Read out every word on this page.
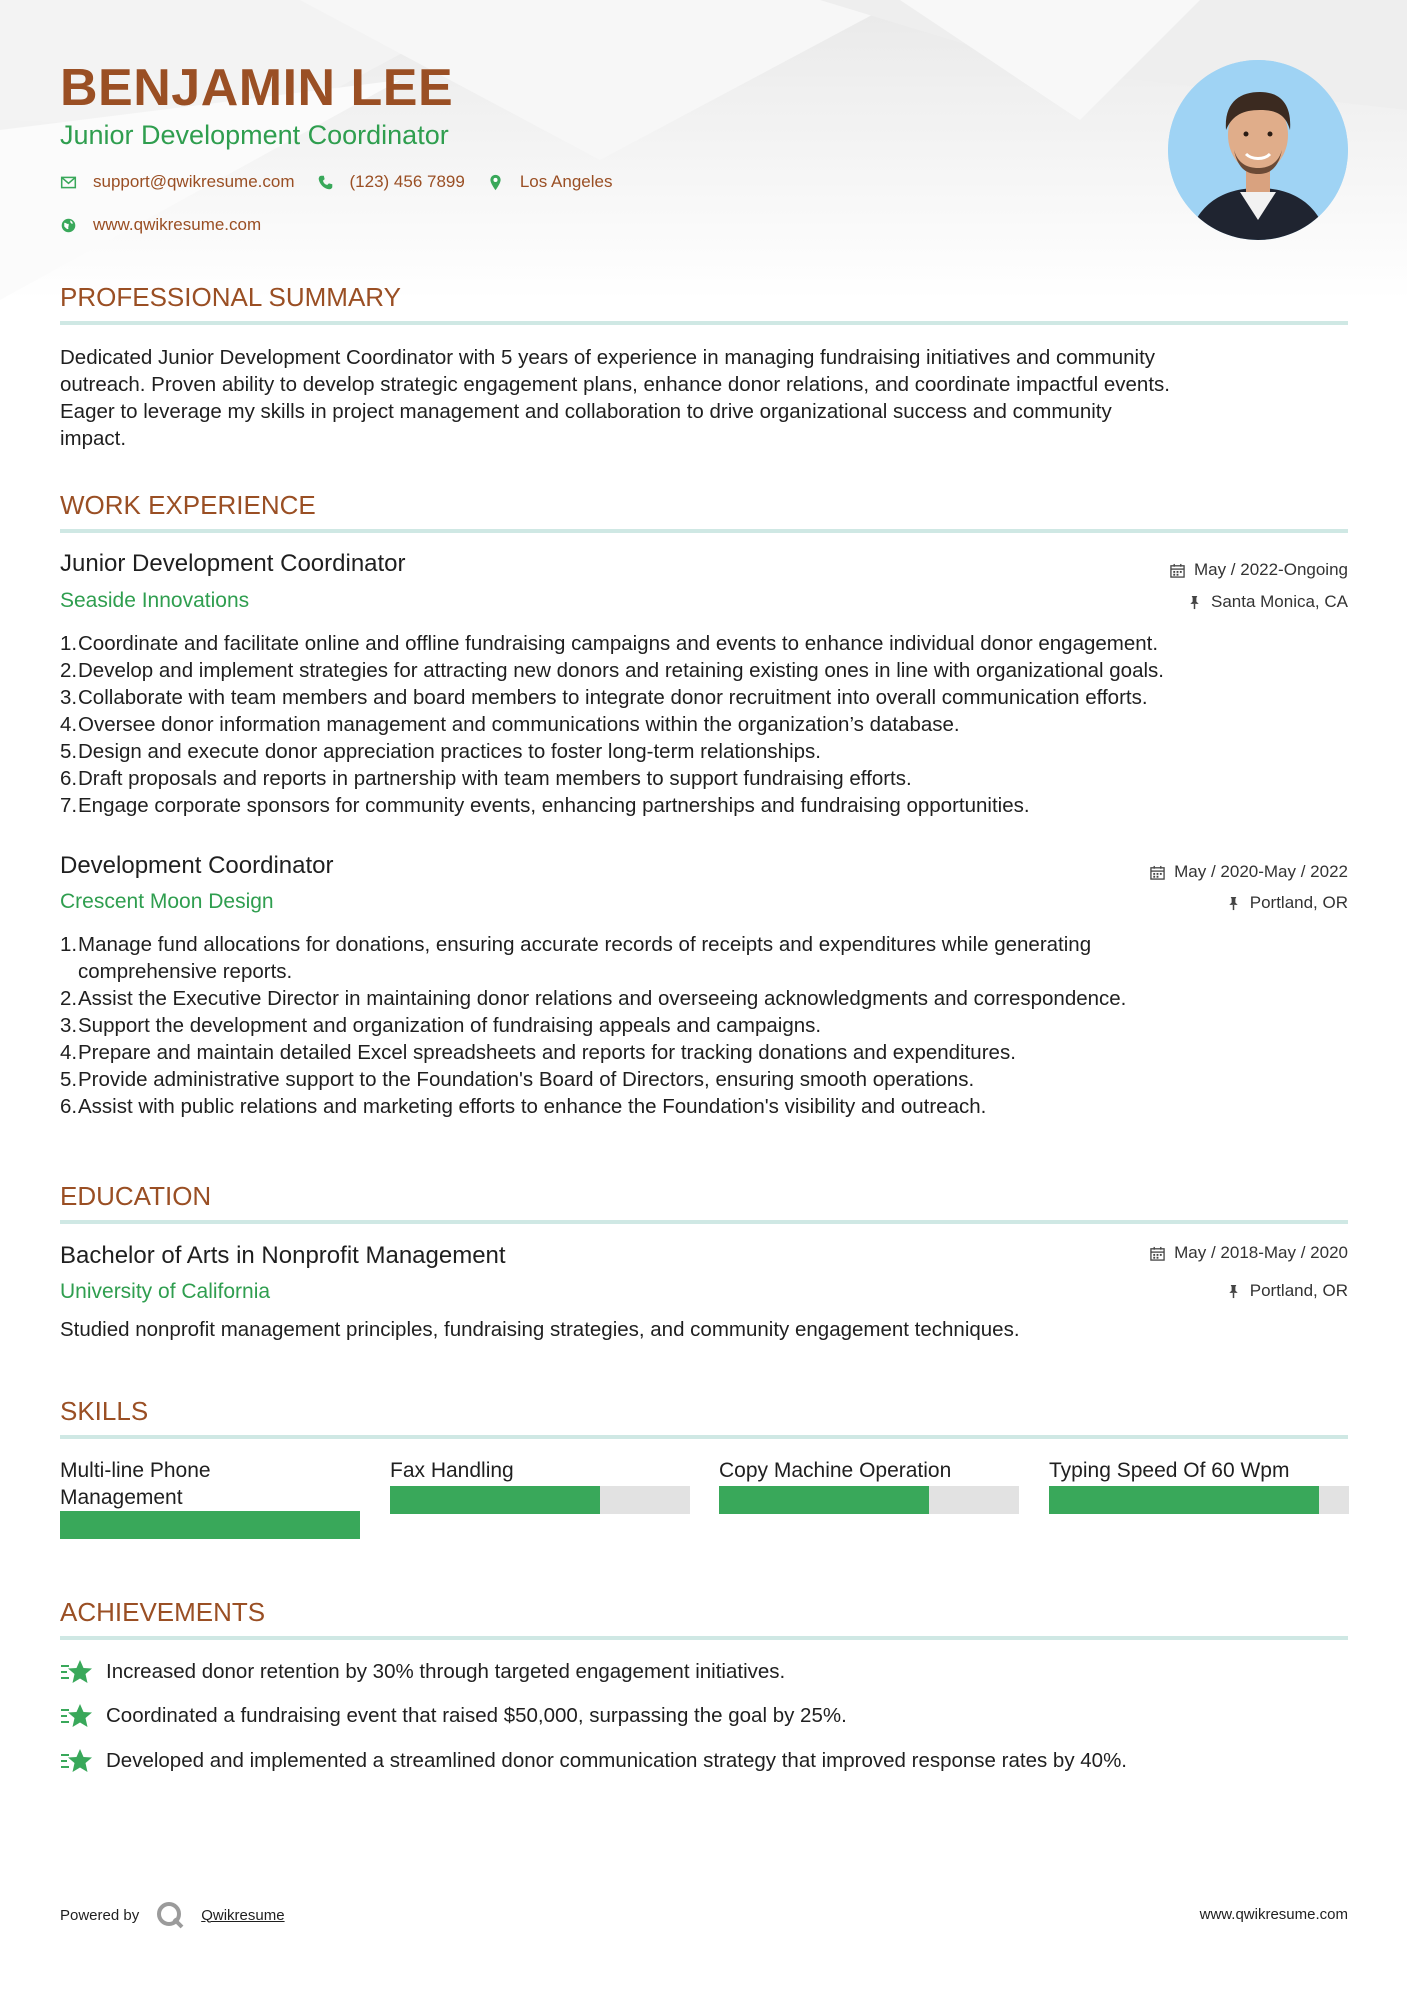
BENJAMIN LEE
Junior Development Coordinator
support@qwikresume.com	(123) 456 7899	Los Angeles
www.qwikresume.com
PROFESSIONAL SUMMARY
Dedicated Junior Development Coordinator with 5 years of experience in managing fundraising initiatives and community
outreach. Proven ability to develop strategic engagement plans, enhance donor relations, and coordinate impactful events.
Eager to leverage my skills in project management and collaboration to drive organizational success and community
impact.
WORK EXPERIENCE
Junior Development Coordinator	May / 2022-Ongoing
Seaside Innovations	Santa Monica, CA
1. Coordinate and facilitate online and offline fundraising campaigns and events to enhance individual donor engagement.
2. Develop and implement strategies for attracting new donors and retaining existing ones in line with organizational goals.
3. Collaborate with team members and board members to integrate donor recruitment into overall communication efforts.
4. Oversee donor information management and communications within the organization’s database.
5. Design and execute donor appreciation practices to foster long-term relationships.
6. Draft proposals and reports in partnership with team members to support fundraising efforts.
7. Engage corporate sponsors for community events, enhancing partnerships and fundraising opportunities.
Development Coordinator	May / 2020-May / 2022
Crescent Moon Design	Portland, OR
1. Manage fund allocations for donations, ensuring accurate records of receipts and expenditures while generating
comprehensive reports.
2. Assist the Executive Director in maintaining donor relations and overseeing acknowledgments and correspondence.
3. Support the development and organization of fundraising appeals and campaigns.
4. Prepare and maintain detailed Excel spreadsheets and reports for tracking donations and expenditures.
5. Provide administrative support to the Foundation's Board of Directors, ensuring smooth operations.
6. Assist with public relations and marketing efforts to enhance the Foundation's visibility and outreach.
EDUCATION
Bachelor of Arts in Nonprofit Management	May / 2018-May / 2020
University of California	Portland, OR
Studied nonprofit management principles, fundraising strategies, and community engagement techniques.
SKILLS
Multi-line Phone
Management
Fax Handling	Copy Machine Operation	Typing Speed Of 60 Wpm
ACHIEVEMENTS
Increased donor retention by 30% through targeted engagement initiatives.
Coordinated a fundraising event that raised $50,000, surpassing the goal by 25%.
Developed and implemented a streamlined donor communication strategy that improved response rates by 40%.
Powered by	Qwikresume	www.qwikresume.com
